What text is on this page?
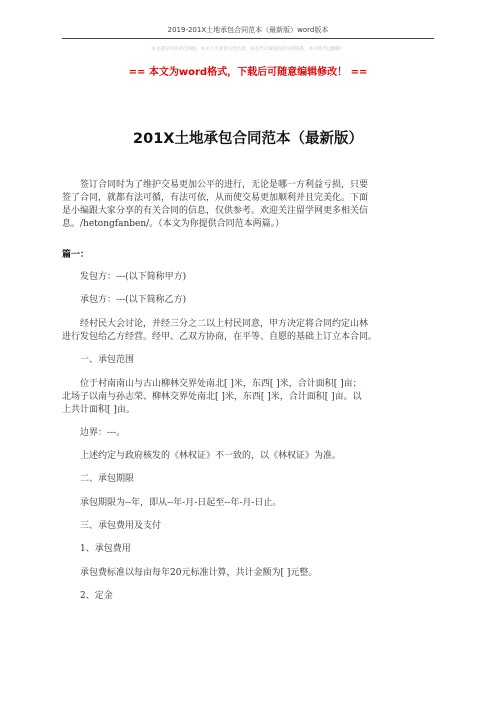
2019-201X土地承包合同范本（最新版）word版本
本文部分内容来自网络，本司不为其真实性负责，如有异议或侵权请及时联系，本司将予以删除！
== 本文为word格式，下载后可随意编辑修改！ ==
201X土地承包合同范本（最新版）
签订合同时为了维护交易更加公平的进行，无论是哪一方利益亏损，只要
签了合同，就都有法可循，有法可依，从而使交易更加顺利并且完美化。下面
是小编跟大家分享的有关合同的信息，仅供参考。欢迎关注留学网更多相关信
息。/hetongfanben/。（本文为你提供合同范本两篇。）
篇一：
发包方：---(以下简称甲方)
承包方：---(以下简称乙方)
经村民大会讨论，并经三分之二以上村民同意，甲方决定将合同约定山林
进行发包给乙方经营。经甲、乙双方协商，在平等、自愿的基础上订立本合同。
一、承包范围
位于村南南山与古山柳林交界处南北[ ]米，东西[ ]米，合计面积[ ]亩；
北场子以南与孙志荣、柳林交界处南北[ ]米，东西[ ]米，合计面积[ ]亩。以
上共计面积[ ]亩。
边界：---。
上述约定与政府核发的《林权证》不一致的，以《林权证》为准。
二、承包期限
承包期限为--年，即从--年-月-日起至--年-月-日止。
三、承包费用及支付
1、承包费用
承包费标准以每亩每年20元标准计算，共计金额为[ ]元整。
2、定金
